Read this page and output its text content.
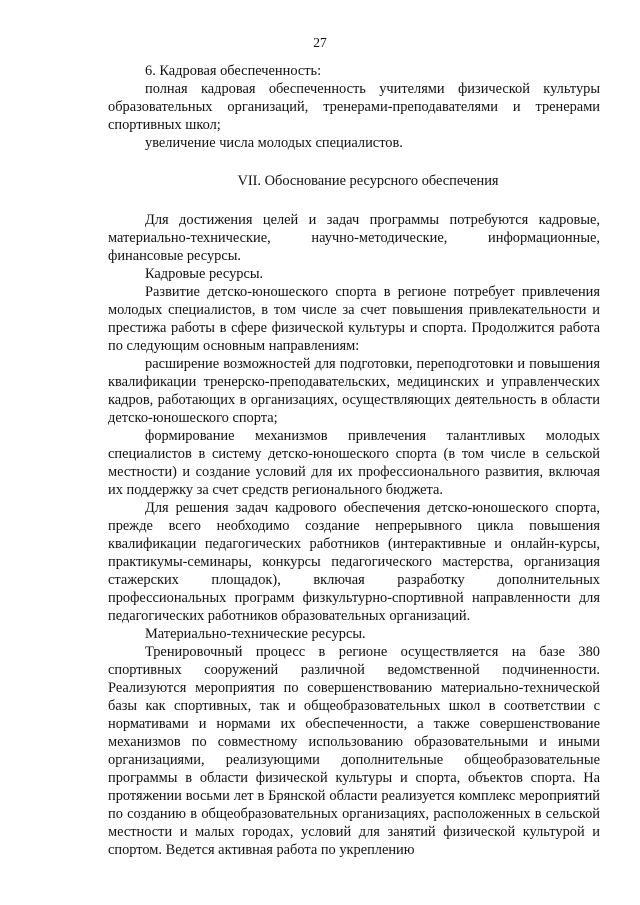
27

6. Кадровая обеспеченность:

полная кадровая обеспеченность учителями физической культуры образовательных организаций, тренерами-преподавателями и тренерами спортивных школ;

увеличение числа молодых специалистов.

VII. Обоснование ресурсного обеспечения

Для достижения целей и задач программы потребуются кадровые, материально-технические, научно-методические, информационные, финансовые ресурсы.

Кадровые ресурсы.

Развитие детско-юношеского спорта в регионе потребует привлечения молодых специалистов, в том числе за счет повышения привлекательности и престижа работы в сфере физической культуры и спорта. Продолжится работа по следующим основным направлениям:

расширение возможностей для подготовки, переподготовки и повышения квалификации тренерско-преподавательских, медицинских и управленческих кадров, работающих в организациях, осуществляющих деятельность в области детско-юношеского спорта;

формирование механизмов привлечения талантливых молодых специалистов в систему детско-юношеского спорта (в том числе в сельской местности) и создание условий для их профессионального развития, включая их поддержку за счет средств регионального бюджета.

Для решения задач кадрового обеспечения детско-юношеского спорта, прежде всего необходимо создание непрерывного цикла повышения квалификации педагогических работников (интерактивные и онлайн-курсы, практикумы-семинары, конкурсы педагогического мастерства, организация стажерских площадок), включая разработку дополнительных профессиональных программ физкультурно-спортивной направленности для педагогических работников образовательных организаций.

Материально-технические ресурсы.

Тренировочный процесс в регионе осуществляется на базе 380 спортивных сооружений различной ведомственной подчиненности. Реализуются мероприятия по совершенствованию материально-технической базы как спортивных, так и общеобразовательных школ в соответствии с нормативами и нормами их обеспеченности, а также совершенствование механизмов по совместному использованию образовательными и иными организациями, реализующими дополнительные общеобразовательные программы в области физической культуры и спорта, объектов спорта. На протяжении восьми лет в Брянской области реализуется комплекс мероприятий по созданию в общеобразовательных организациях, расположенных в сельской местности и малых городах, условий для занятий физической культурой и спортом. Ведется активная работа по укреплению
